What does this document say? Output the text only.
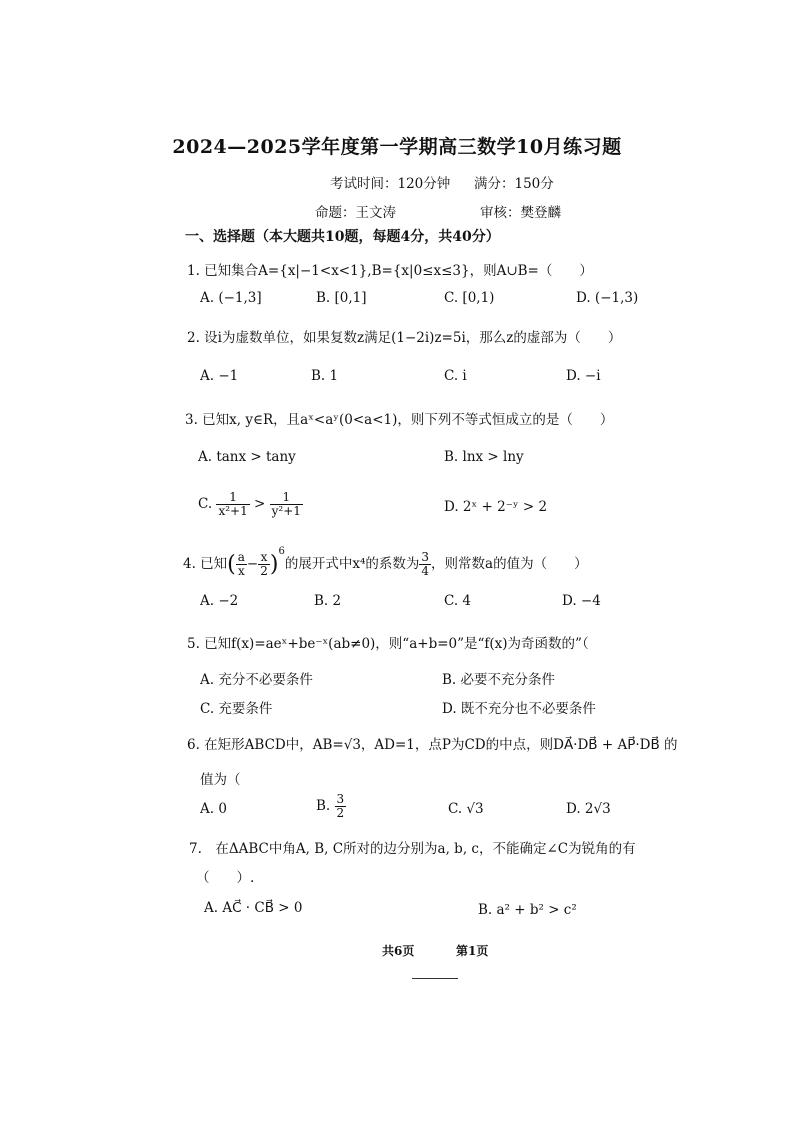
2024—2025学年度第一学期高三数学10月练习题
考试时间：120分钟 满分：150分
命题：王文涛	审核：樊登麟
一、选择题（本大题共10题，每题4分，共40分）
1. 已知集合A={x|−1<x<1},B={x|0≤x≤3}，则A∪B=（　　）
A. (−1,3]	B. [0,1]	C. [0,1)	D. (−1,3)
2. 设i为虚数单位，如果复数z满足(1−2i)z=5i，那么z的虚部为（　　）
A. −1	B. 1	C. i	D. −i
3. 已知x, y∈R，且aˣ<aʸ(0<a<1)，则下列不等式恒成立的是（　　）
A. tanx > tany	B. lnx > lny
C. $\frac{1}{\text{x²+1}} > \frac{1}{\text{y²+1}}$	D. 2ˣ + 2⁻ʸ > 2
4. 已知( $\frac{a}{x} - \frac{x}{2} )^6$的展开式中x⁴的系数为 $\frac{3}{4}$ ，则常数a的值为（　　）
A. −2	B. 2	C. 4	D. −4
5. 已知f(x)=aeˣ+be⁻ˣ(ab≠0)，则“a+b=0”是“f(x)为奇函数的”（
A. 充分不必要条件	B. 必要不充分条件
C. 充要条件	D. 既不充分也不必要条件
6. 在矩形ABCD中，AB=√3，AD=1，点P为CD的中点，则DA⃗·DB⃗ + AP⃗·DB⃗ 的
值为（
A. 0	B. $\frac{3}{2}$	C. √3	D. 2√3
7.　在ΔABC中角A, B, C所对的边分别为a, b, c，不能确定∠C为锐角的有
（　　）.
A. AC⃗ · CB⃗ > 0	B. a² + b² > c²
共6页	第1页
